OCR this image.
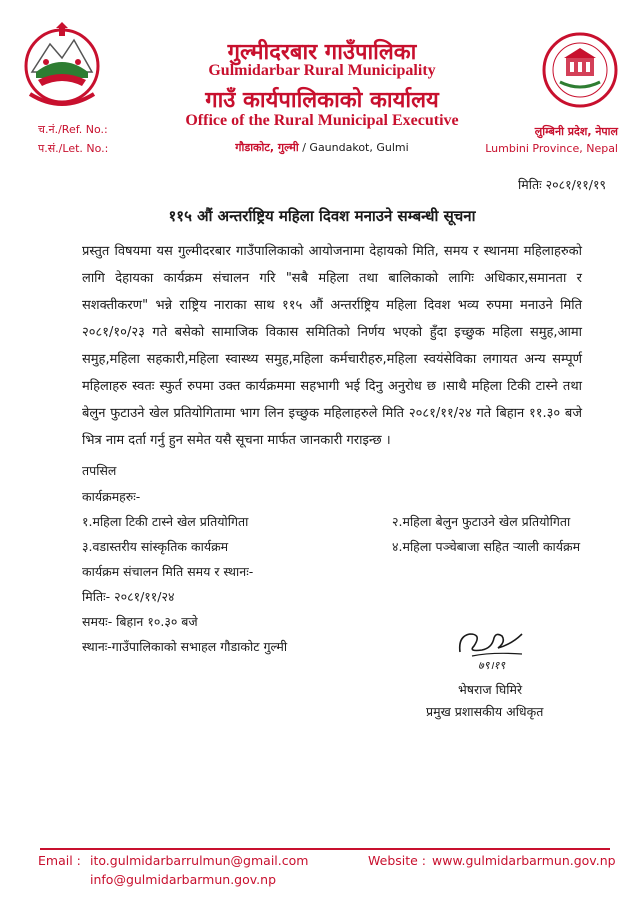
गुल्मीदरबार गाउँपालिका
Gulmidarbar Rural Municipality
गाउँ कार्यपालिकाको कार्यालय
Office of the Rural Municipal Executive
गौडाकोट, गुल्मी / Gaundakot, Gulmi
च.नं./Ref. No.:
प.सं./Let. No.:
लुम्बिनी प्रदेश, नेपाल
Lumbini Province, Nepal
मितिः २०८१/११/१९
११५ औं अन्तर्राष्ट्रिय महिला दिवश मनाउने सम्बन्धी सूचना
प्रस्तुत विषयमा यस गुल्मीदरबार गाउँपालिकाको आयोजनामा देहायको मिति, समय र स्थानमा महिलाहरुको लागि देहायका कार्यक्रम संचालन गरि "सबै महिला तथा बालिकाको लागिः अधिकार,समानता र सशक्तीकरण" भन्ने राष्ट्रिय नाराका साथ ११५ औं अन्तर्राष्ट्रिय महिला दिवश भव्य रुपमा मनाउने मिति २०८१/१०/२३ गते बसेको सामाजिक विकास समितिको निर्णय भएको हुँदा इच्छुक महिला समुह,आमा समुह,महिला सहकारी,महिला स्वास्थ्य समुह,महिला कर्मचारीहरु,महिला स्वयंसेविका लगायत अन्य सम्पूर्ण महिलाहरु स्वतः स्फुर्त रुपमा उक्त कार्यक्रममा सहभागी भई दिनु अनुरोध छ ।साथै महिला टिकी टास्ने तथा बेलुन फुटाउने खेल प्रतियोगितामा भाग लिन इच्छुक महिलाहरुले मिति २०८१/११/२४ गते बिहान ११.३० बजे भित्र नाम दर्ता गर्नु हुन समेत यसै सूचना मार्फत जानकारी गराइन्छ ।
तपसिल
कार्यक्रमहरुः-
१.महिला टिकी टास्ने खेल प्रतियोगिता	२.महिला बेलुन फुटाउने खेल प्रतियोगिता
३.वडास्तरीय सांस्कृतिक कार्यक्रम	४.महिला पञ्चेबाजा सहित ऱ्याली कार्यक्रम
कार्यक्रम संचालन मिति समय र स्थानः-
मितिः- २०८१/११/२४
समयः- बिहान १०.३० बजे
स्थानः-गाउँपालिकाको सभाहल गौडाकोट गुल्मी
७९।१९
भेषराज घिमिरे
प्रमुख प्रशासकीय अधिकृत
Email : ito.gulmidarbarrulmun@gmail.com
info@gulmidarbarmun.gov.np
Website : www.gulmidarbarmun.gov.np
